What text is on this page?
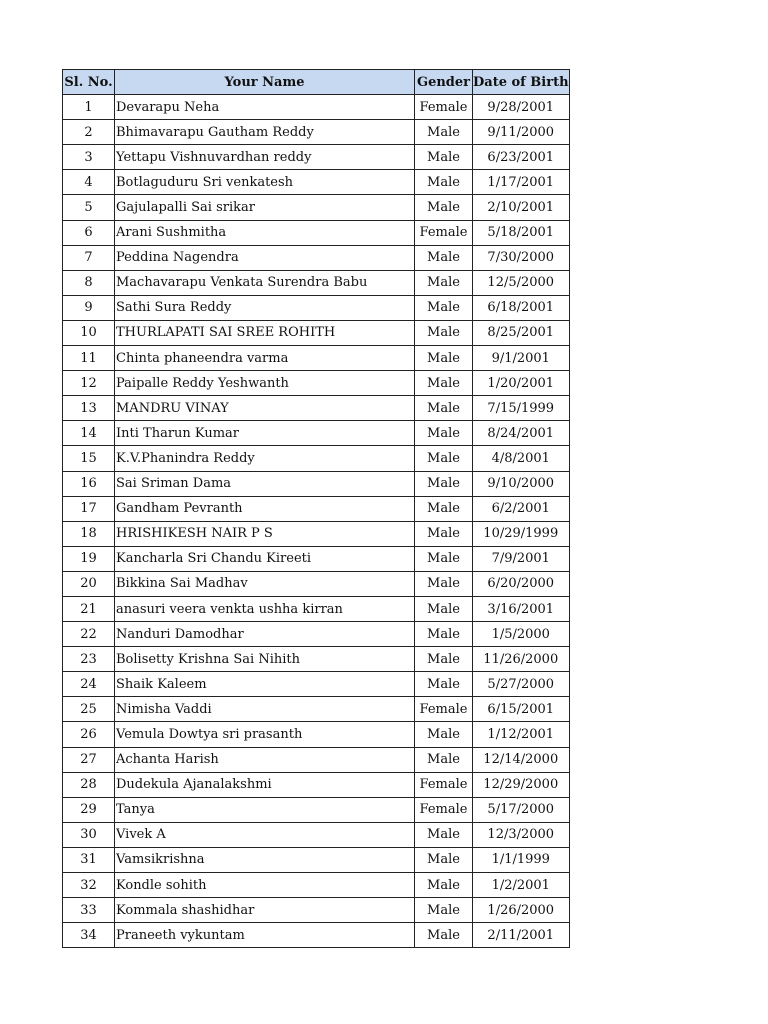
Sl. No.	Your Name	Gender	Date of Birth
1	Devarapu Neha	Female	9/28/2001
2	Bhimavarapu Gautham Reddy	Male	9/11/2000
3	Yettapu Vishnuvardhan reddy	Male	6/23/2001
4	Botlaguduru Sri venkatesh	Male	1/17/2001
5	Gajulapalli Sai srikar	Male	2/10/2001
6	Arani Sushmitha	Female	5/18/2001
7	Peddina Nagendra	Male	7/30/2000
8	Machavarapu Venkata Surendra Babu	Male	12/5/2000
9	Sathi Sura Reddy	Male	6/18/2001
10	THURLAPATI SAI SREE ROHITH	Male	8/25/2001
11	Chinta phaneendra varma	Male	9/1/2001
12	Paipalle Reddy Yeshwanth	Male	1/20/2001
13	MANDRU VINAY	Male	7/15/1999
14	Inti Tharun Kumar	Male	8/24/2001
15	K.V.Phanindra Reddy	Male	4/8/2001
16	Sai Sriman Dama	Male	9/10/2000
17	Gandham Pevranth	Male	6/2/2001
18	HRISHIKESH NAIR P S	Male	10/29/1999
19	Kancharla Sri Chandu Kireeti	Male	7/9/2001
20	Bikkina Sai Madhav	Male	6/20/2000
21	anasuri veera venkta ushha kirran	Male	3/16/2001
22	Nanduri Damodhar	Male	1/5/2000
23	Bolisetty Krishna Sai Nihith	Male	11/26/2000
24	Shaik Kaleem	Male	5/27/2000
25	Nimisha Vaddi	Female	6/15/2001
26	Vemula Dowtya sri prasanth	Male	1/12/2001
27	Achanta Harish	Male	12/14/2000
28	Dudekula Ajanalakshmi	Female	12/29/2000
29	Tanya	Female	5/17/2000
30	Vivek A	Male	12/3/2000
31	Vamsikrishna	Male	1/1/1999
32	Kondle sohith	Male	1/2/2001
33	Kommala shashidhar	Male	1/26/2000
34	Praneeth vykuntam	Male	2/11/2001
